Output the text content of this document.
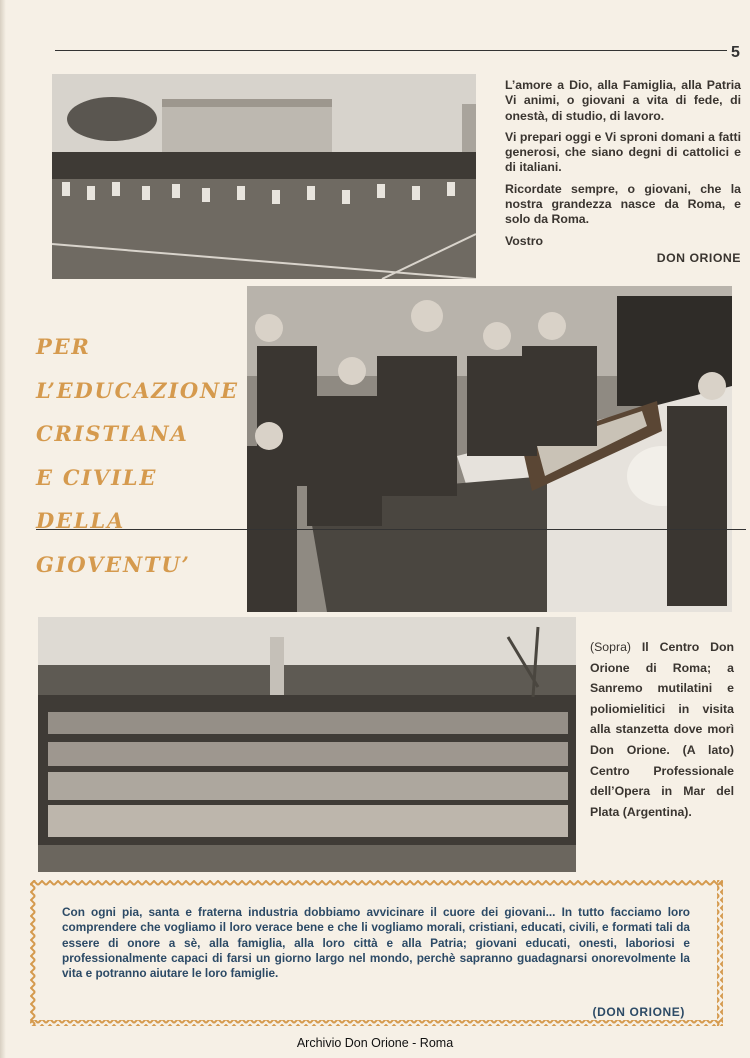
5

L’amore a Dio, alla Famiglia, alla Patria Vi animi, o giovani a vita di fede, di onestà, di studio, di lavoro.

Vi prepari oggi e Vi sproni domani a fatti generosi, che siano degni di cattolici e di italiani.

Ricordate sempre, o giovani, che la nostra grandezza nasce da Roma, e solo da Roma.

Vostro
DON ORIONE
PER
L’EDUCAZIONE
CRISTIANA
E CIVILE
DELLA
GIOVENTU’
(Sopra) Il Centro Don Orione di Roma; a Sanremo mutilatini e poliomielitici in visita alla stanzetta dove morì Don Orione. (A lato) Centro Professionale dell’Opera in Mar del Plata (Argentina).
Con ogni pia, santa e fraterna industria dobbiamo avvicinare il cuore dei giovani... In tutto facciamo loro comprendere che vogliamo il loro verace bene e che li vogliamo morali, cristiani, educati, civili, e formati tali da essere di onore a sè, alla famiglia, alla loro città e alla Patria; giovani educati, onesti, laboriosi e professionalmente capaci di farsi un giorno largo nel mondo, perchè sapranno guadagnarsi onorevolmente la vita e potranno aiutare le loro famiglie.
(DON ORIONE)
Archivio Don Orione - Roma
